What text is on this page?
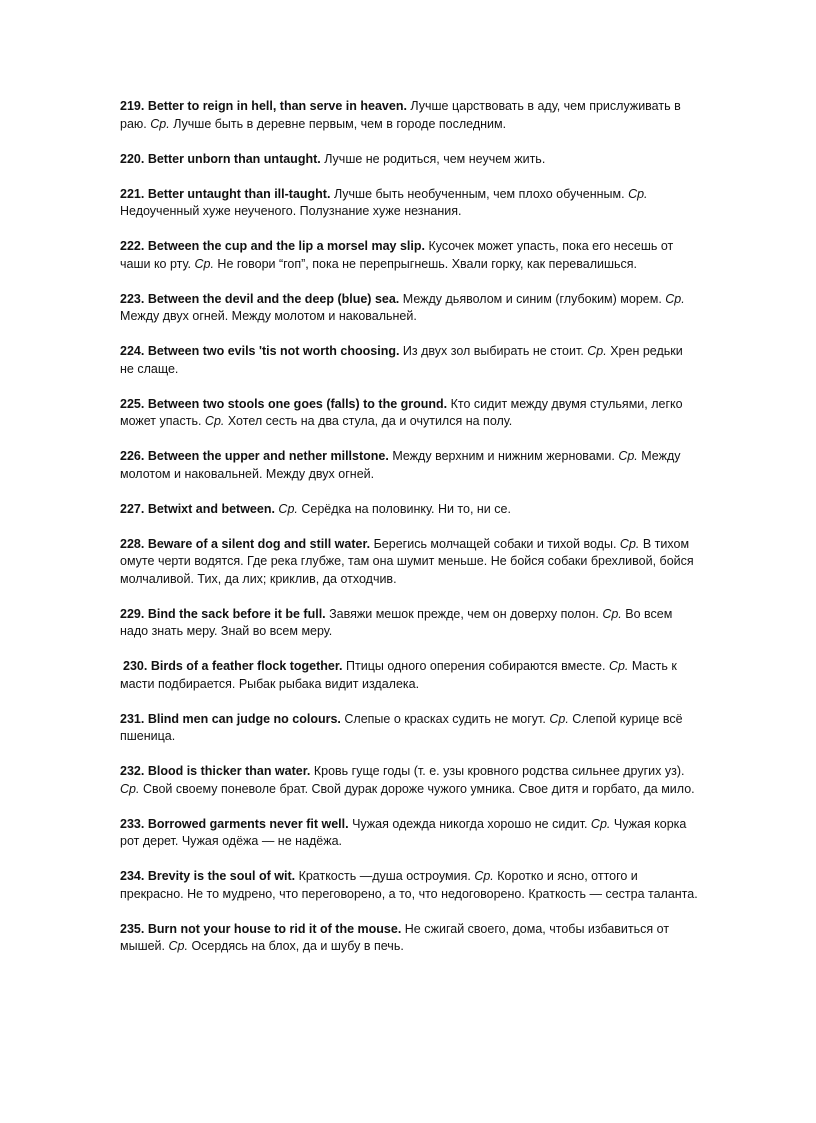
219. Better to reign in hell, than serve in heaven. Лучше царствовать в аду, чем прислуживать в раю. Ср. Лучше быть в деревне первым, чем в городе последним.

220. Better unborn than untaught. Лучше не родиться, чем неучем жить.

221. Better untaught than ill-taught. Лучше быть необученным, чем плохо обученным. Ср. Недоученный хуже неученого. Полузнание хуже незнания.

222. Between the cup and the lip a morsel may slip. Кусочек может упасть, пока его несешь от чаши ко рту. Ср. Не говори “гоп”, пока не перепрыгнешь. Хвали горку, как перевалишься.

223. Between the devil and the deep (blue) sea. Между дьяволом и синим (глубоким) морем. Ср. Между двух огней. Между молотом и наковальней.

224. Between two evils 'tis not worth choosing. Из двух зол выбирать не стоит. Ср. Хрен редьки не слаще.

225. Between two stools one goes (falls) to the ground. Кто сидит между двумя стульями, легко может упасть. Ср. Хотел сесть на два стула, да и очутился на полу.

226. Between the upper and nether millstone. Между верхним и нижним жерновами. Ср. Между молотом и наковальней. Между двух огней.

227. Betwixt and between. Ср. Серёдка на половинку. Ни то, ни се.

228. Beware of a silent dog and still water. Берегись молчащей собаки и тихой воды. Ср. В тихом омуте черти водятся. Где река глубже, там она шумит меньше. Не бойся собаки брехливой, бойся молчаливой. Тих, да лих; криклив, да отходчив.

229. Bind the sack before it be full. Завяжи мешок прежде, чем он доверху полон. Ср. Во всем надо знать меру. Знай во всем меру.

230. Birds of a feather flock together. Птицы одного оперения собираются вместе. Ср. Масть к масти подбирается. Рыбак рыбака видит издалека.

231. Blind men can judge no colours. Слепые о красках судить не могут. Ср. Слепой курице всё пшеница.

232. Blood is thicker than water. Кровь гуще годы (т. е. узы кровного родства сильнее других уз). Ср. Свой своему поневоле брат. Свой дурак дороже чужого умника. Свое дитя и горбато, да мило.

233. Borrowed garments never fit well. Чужая одежда никогда хорошо не сидит. Ср. Чужая корка рот дерет. Чужая одёжа — не надёжа.

234. Brevity is the soul of wit. Краткость —душа остроумия. Ср. Коротко и ясно, оттого и прекрасно. Не то мудрено, что переговорено, а то, что недоговорено. Краткость — сестра таланта.

235. Burn not your house to rid it of the mouse. Не сжигай своего, дома, чтобы избавиться от мышей. Ср. Осердясь на блох, да и шубу в печь.
